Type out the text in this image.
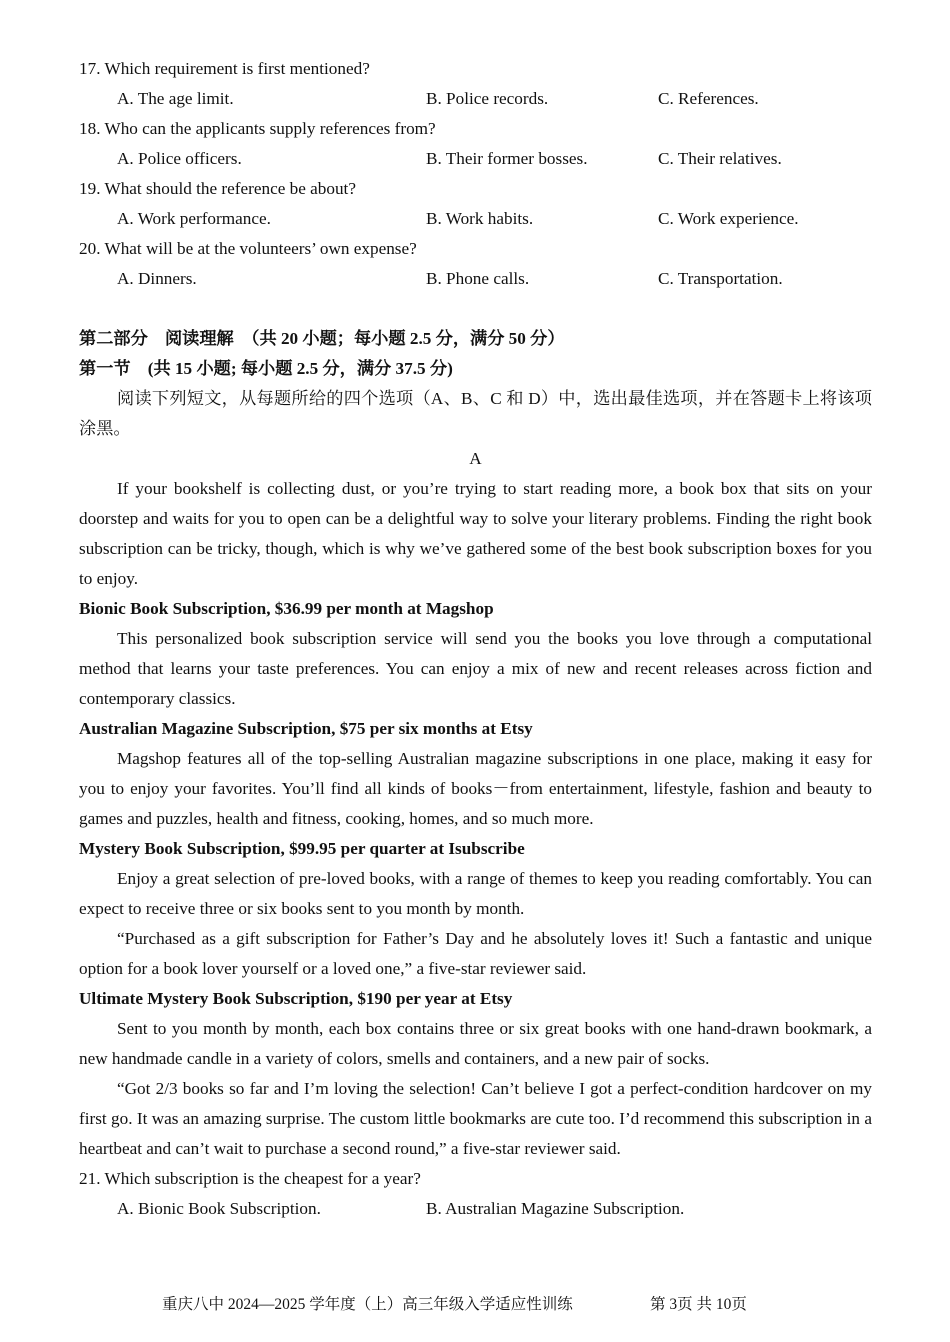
17. Which requirement is first mentioned?
A. The age limit.	B. Police records.	C. References.
18. Who can the applicants supply references from?
A. Police officers.	B. Their former bosses.	C. Their relatives.
19. What should the reference be about?
A. Work performance.	B. Work habits.	C. Work experience.
20. What will be at the volunteers’ own expense?
A. Dinners.	B. Phone calls.	C. Transportation.
第二部分　阅读理解　（共 20 小题；每小题 2.5 分，满分 50 分）
第一节　(共 15 小题; 每小题 2.5 分，满分 37.5 分)
阅读下列短文，从每题所给的四个选项（A、B、C 和 D）中，选出最佳选项，并在答题卡上将该项涂黑。
A
If your bookshelf is collecting dust, or you’re trying to start reading more, a book box that sits on your doorstep and waits for you to open can be a delightful way to solve your literary problems. Finding the right book subscription can be tricky, though, which is why we’ve gathered some of the best book subscription boxes for you to enjoy.
Bionic Book Subscription, $36.99 per month at Magshop
This personalized book subscription service will send you the books you love through a computational method that learns your taste preferences. You can enjoy a mix of new and recent releases across fiction and contemporary classics.
Australian Magazine Subscription, $75 per six months at Etsy
Magshop features all of the top-selling Australian magazine subscriptions in one place, making it easy for you to enjoy your favorites. You’ll find all kinds of books－from entertainment, lifestyle, fashion and beauty to games and puzzles, health and fitness, cooking, homes, and so much more.
Mystery Book Subscription, $99.95 per quarter at Isubscribe
Enjoy a great selection of pre-loved books, with a range of themes to keep you reading comfortably. You can expect to receive three or six books sent to you month by month.
“Purchased as a gift subscription for Father’s Day and he absolutely loves it! Such a fantastic and unique option for a book lover yourself or a loved one,” a five-star reviewer said.
Ultimate Mystery Book Subscription, $190 per year at Etsy
Sent to you month by month, each box contains three or six great books with one hand-drawn bookmark, a new handmade candle in a variety of colors, smells and containers, and a new pair of socks.
“Got 2/3 books so far and I’m loving the selection! Can’t believe I got a perfect-condition hardcover on my first go. It was an amazing surprise. The custom little bookmarks are cute too. I’d recommend this subscription in a heartbeat and can’t wait to purchase a second round,” a five-star reviewer said.
21. Which subscription is the cheapest for a year?
A. Bionic Book Subscription.	B. Australian Magazine Subscription.
重庆八中 2024—2025 学年度（上）高三年级入学适应性训练	第 3页 共 10页
